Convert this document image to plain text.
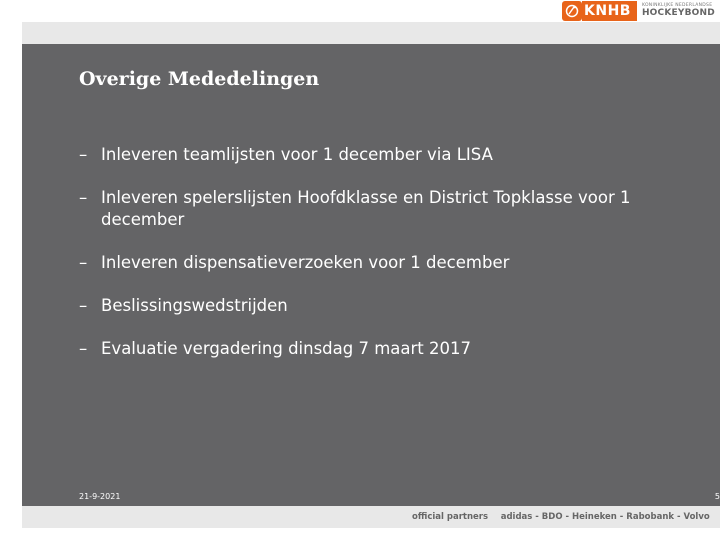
KNHB	KONINKLIJKE NEDERLANDSE
HOCKEYBOND
Overige Mededelingen
– Inleveren teamlijsten voor 1 december via LISA
– Inleveren spelerslijsten Hoofdklasse en District Topklasse voor 1 december
– Inleveren dispensatieverzoeken voor 1 december
– Beslissingswedstrijden
– Evaluatie vergadering dinsdag 7 maart 2017
21-9-2021	5
official partners adidas - BDO - Heineken - Rabobank - Volvo
